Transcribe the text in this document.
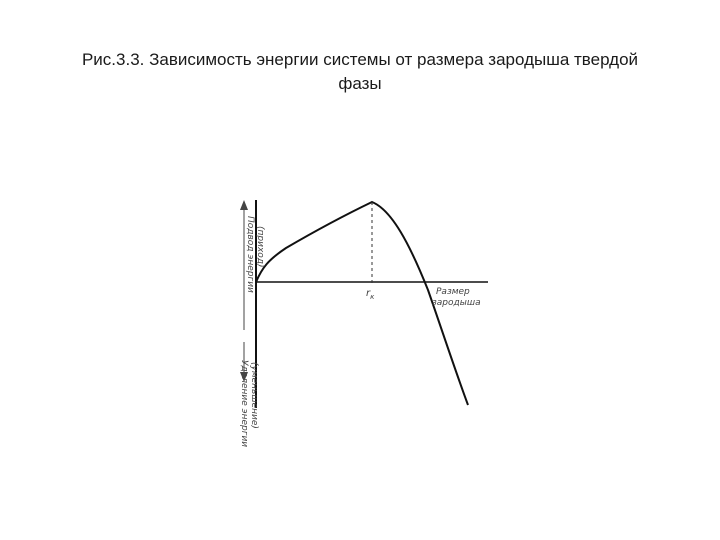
Рис.3.3. Зависимость энергии системы от размера зародыша твердой
фазы
$r_к$	Размер
зародыша
Подвод энергии (приход)
Удаление энергии (уменьшение)
